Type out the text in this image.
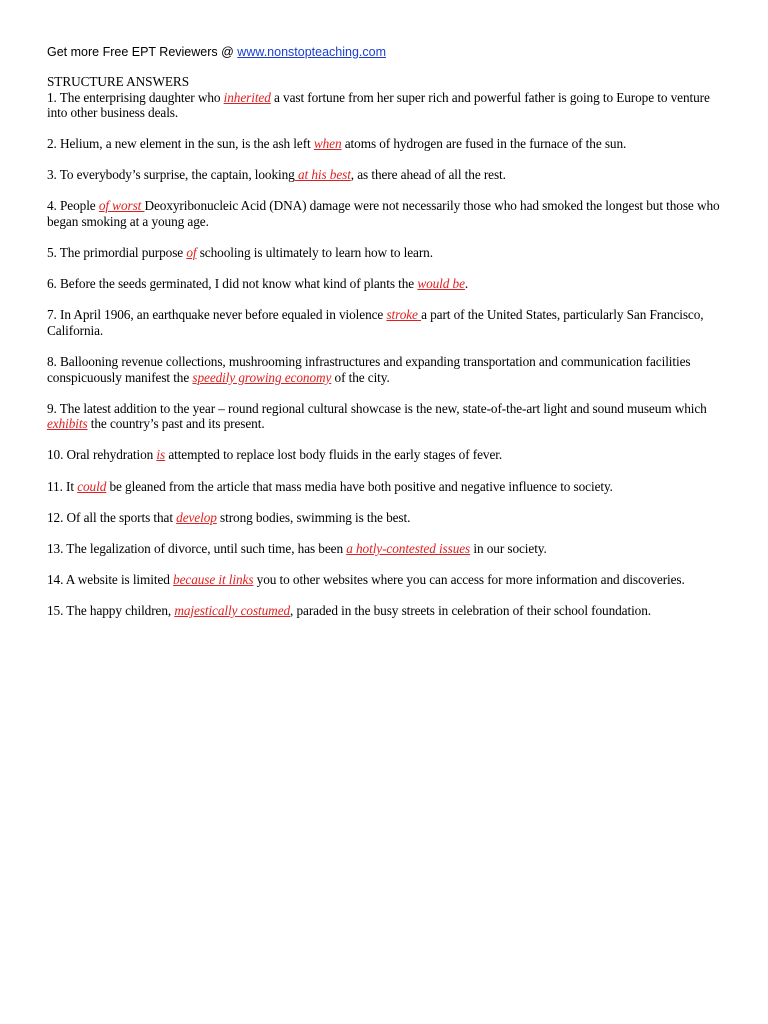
Get more Free EPT Reviewers @ www.nonstopteaching.com
STRUCTURE ANSWERS
1. The enterprising daughter who inherited a vast fortune from her super rich and powerful father is going to Europe to venture into other business deals.
2. Helium, a new element in the sun, is the ash left when atoms of hydrogen are fused in the furnace of the sun.
3. To everybody’s surprise, the captain, looking at his best, as there ahead of all the rest.
4. People of worst Deoxyribonucleic Acid (DNA) damage were not necessarily those who had smoked the longest but those who began smoking at a young age.
5. The primordial purpose of schooling is ultimately to learn how to learn.
6. Before the seeds germinated, I did not know what kind of plants the would be.
7. In April 1906, an earthquake never before equaled in violence stroke a part of the United States, particularly San Francisco, California.
8. Ballooning revenue collections, mushrooming infrastructures and expanding transportation and communication facilities conspicuously manifest the speedily growing economy of the city.
9. The latest addition to the year – round regional cultural showcase is the new, state-of-the-art light and sound museum which exhibits the country’s past and its present.
10. Oral rehydration is attempted to replace lost body fluids in the early stages of fever.
11. It could be gleaned from the article that mass media have both positive and negative influence to society.
12. Of all the sports that develop strong bodies, swimming is the best.
13. The legalization of divorce, until such time, has been a hotly-contested issues in our society.
14. A website is limited because it links you to other websites where you can access for more information and discoveries.
15. The happy children, majestically costumed, paraded in the busy streets in celebration of their school foundation.
